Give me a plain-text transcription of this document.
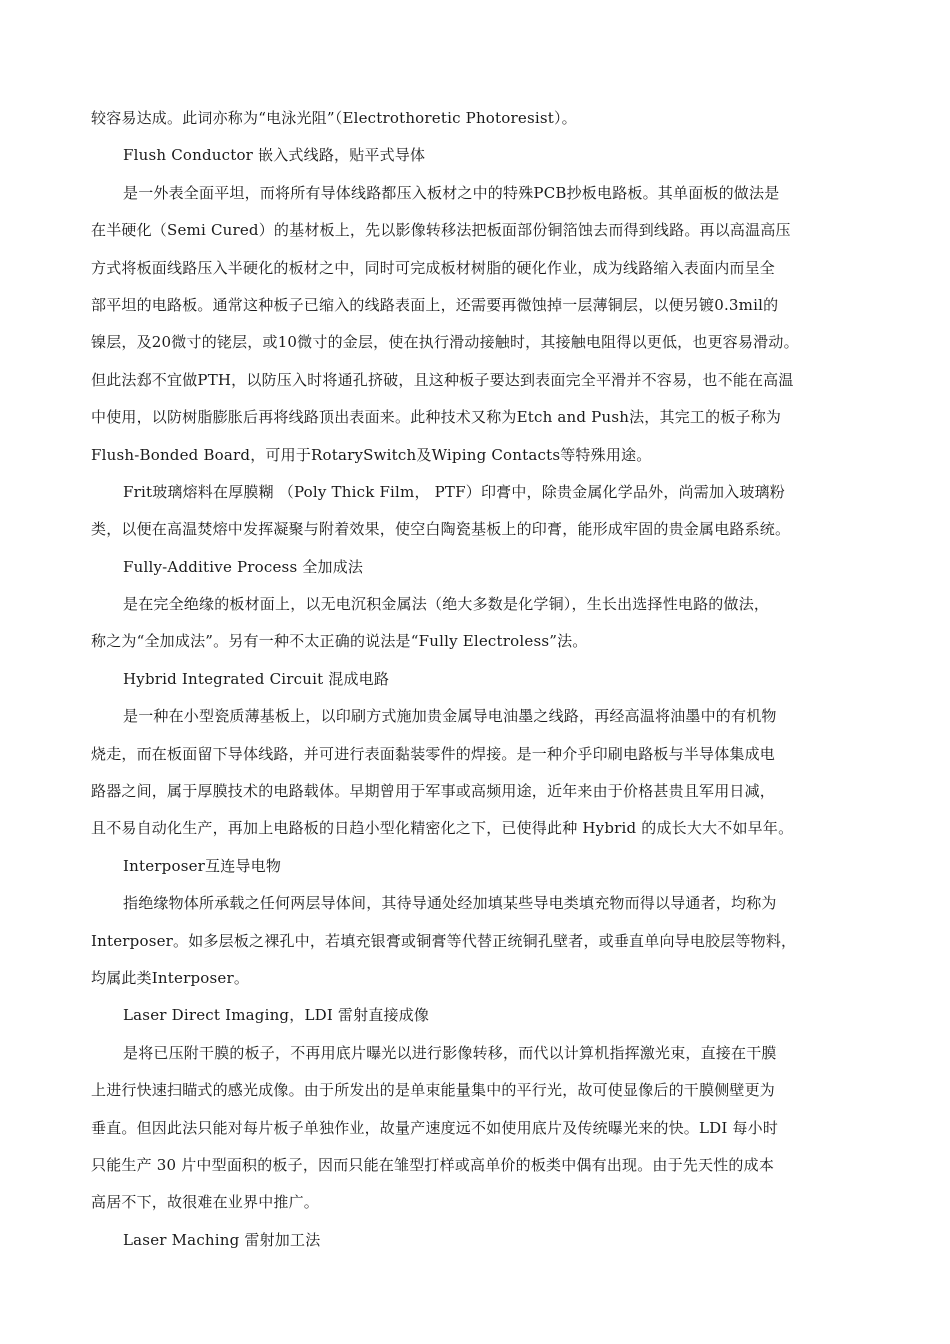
较容易达成。此词亦称为“电泳光阻”（Electrothoretic Photoresist）。
Flush Conductor 嵌入式线路，贴平式导体
是一外表全面平坦，而将所有导体线路都压入板材之中的特殊PCB抄板电路板。其单面板的做法是
在半硬化（Semi Cured）的基材板上，先以影像转移法把板面部份铜箔蚀去而得到线路。再以高温高压
方式将板面线路压入半硬化的板材之中，同时可完成板材树脂的硬化作业，成为线路缩入表面内而呈全
部平坦的电路板。通常这种板子已缩入的线路表面上，还需要再微蚀掉一层薄铜层，以便另镀0.3mil的
镍层，及20微寸的铑层，或10微寸的金层，使在执行滑动接触时，其接触电阻得以更低，也更容易滑动。
但此法郄不宜做PTH，以防压入时将通孔挤破，且这种板子要达到表面完全平滑并不容易，也不能在高温
中使用，以防树脂膨胀后再将线路顶出表面来。此种技术又称为Etch and Push法，其完工的板子称为
Flush-Bonded Board，可用于RotarySwitch及Wiping Contacts等特殊用途。
Frit玻璃熔料在厚膜糊 （Poly Thick Film， PTF）印膏中，除贵金属化学品外，尚需加入玻璃粉
类，以便在高温焚熔中发挥凝聚与附着效果，使空白陶瓷基板上的印膏，能形成牢固的贵金属电路系统。
Fully-Additive Process 全加成法
是在完全绝缘的板材面上，以无电沉积金属法（绝大多数是化学铜），生长出选择性电路的做法，
称之为“全加成法”。另有一种不太正确的说法是“Fully Electroless”法。
Hybrid Integrated Circuit 混成电路
是一种在小型瓷质薄基板上，以印刷方式施加贵金属导电油墨之线路，再经高温将油墨中的有机物
烧走，而在板面留下导体线路，并可进行表面黏装零件的焊接。是一种介乎印刷电路板与半导体集成电
路器之间，属于厚膜技术的电路载体。早期曾用于军事或高频用途，近年来由于价格甚贵且军用日减，
且不易自动化生产，再加上电路板的日趋小型化精密化之下，已使得此种 Hybrid 的成长大大不如早年。
Interposer互连导电物
指绝缘物体所承载之任何两层导体间，其待导通处经加填某些导电类填充物而得以导通者，均称为
Interposer。如多层板之裸孔中，若填充银膏或铜膏等代替正统铜孔壁者，或垂直单向导电胶层等物料，
均属此类Interposer。
Laser Direct Imaging，LDI 雷射直接成像
是将已压附干膜的板子，不再用底片曝光以进行影像转移，而代以计算机指挥激光束，直接在干膜
上进行快速扫瞄式的感光成像。由于所发出的是单束能量集中的平行光，故可使显像后的干膜侧壁更为
垂直。但因此法只能对每片板子单独作业，故量产速度远不如使用底片及传统曝光来的快。LDI 每小时
只能生产 30 片中型面积的板子，因而只能在雏型打样或高单价的板类中偶有出现。由于先天性的成本
高居不下，故很难在业界中推广。
Laser Maching 雷射加工法
